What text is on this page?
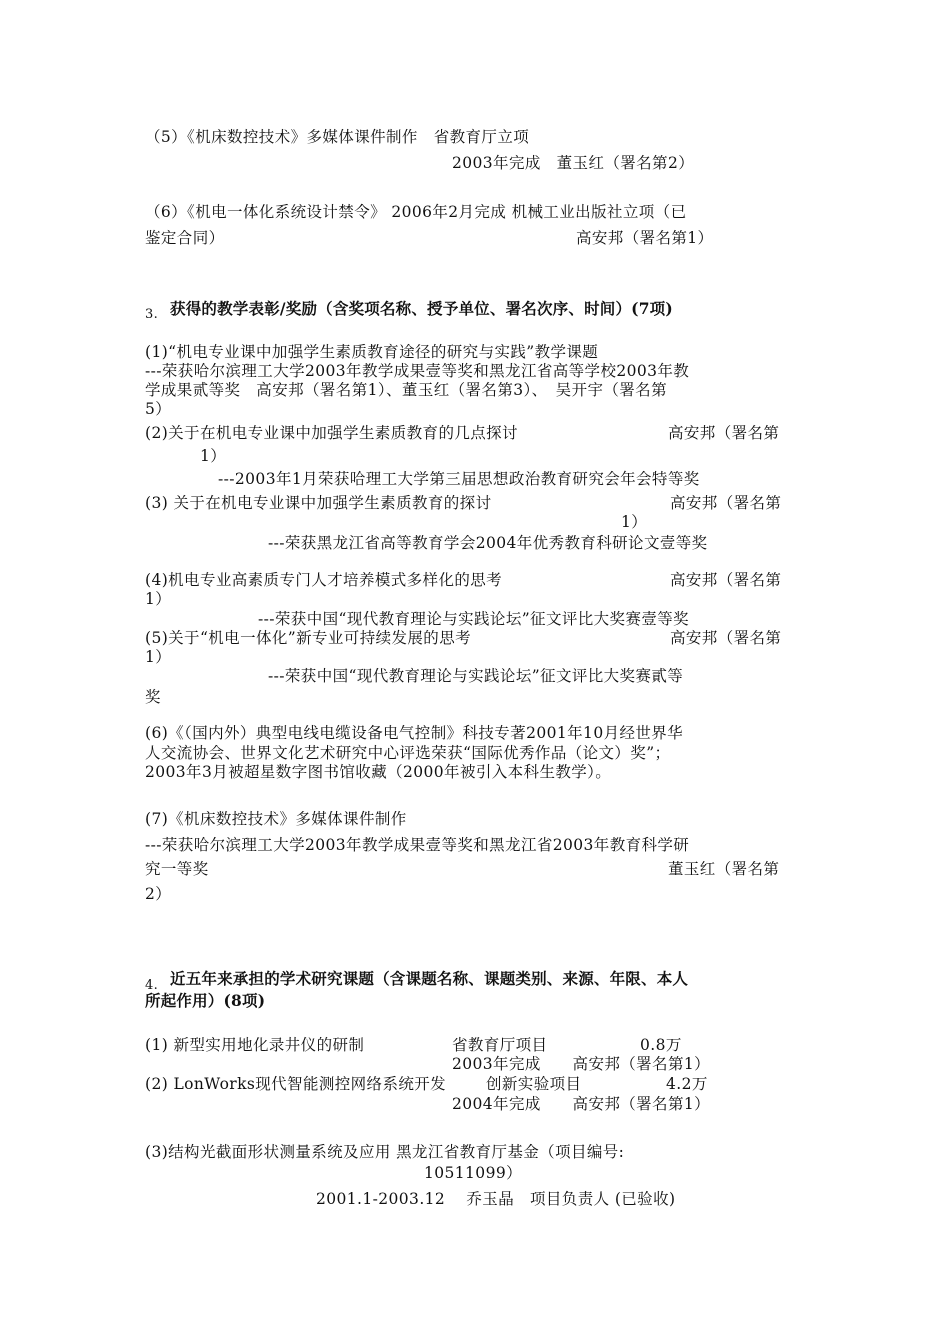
（5）《机床数控技术》多媒体课件制作　省教育厅立项
2003年完成　董玉红（署名第2）
（6）《机电一体化系统设计禁令》 2006年2月完成 机械工业出版社立项（已
鉴定合同）	高安邦（署名第1）
3. 获得的教学表彰/奖励（含奖项名称、授予单位、署名次序、时间）(7项)
(1)“机电专业课中加强学生素质教育途径的研究与实践”教学课题
---荣获哈尔滨理工大学2003年教学成果壹等奖和黑龙江省高等学校2003年教
学成果贰等奖　高安邦（署名第1）、董玉红（署名第3）、　吴开宇（署名第
5）
(2)关于在机电专业课中加强学生素质教育的几点探讨	高安邦（署名第
1）
---2003年1月荣获哈理工大学第三届思想政治教育研究会年会特等奖
(3) 关于在机电专业课中加强学生素质教育的探讨	高安邦（署名第
1）
---荣获黑龙江省高等教育学会2004年优秀教育科研论文壹等奖
(4)机电专业高素质专门人才培养模式多样化的思考	高安邦（署名第
1）
---荣获中国“现代教育理论与实践论坛”征文评比大奖赛壹等奖
(5)关于“机电一体化”新专业可持续发展的思考	高安邦（署名第
1）
---荣获中国“现代教育理论与实践论坛”征文评比大奖赛貳等
奖
(6)《（国内外）典型电线电缆设备电气控制》科技专著2001年10月经世界华
人交流协会、世界文化艺术研究中心评选荣获“国际优秀作品（论文）奖”；
2003年3月被超星数字图书馆收藏（2000年被引入本科生教学）。
(7)《机床数控技术》多媒体课件制作
---荣获哈尔滨理工大学2003年教学成果壹等奖和黑龙江省2003年教育科学研
究一等奖	董玉红（署名第
2）
4. 近五年来承担的学术研究课题（含课题名称、课题类别、来源、年限、本人
所起作用）(8项)
(1) 新型实用地化录井仪的研制	省教育厅项目	0.8万
2003年完成　　高安邦（署名第1）
(2) LonWorks现代智能测控网络系统开发	创新实验项目	4.2万
2004年完成　　高安邦（署名第1）
(3)结构光截面形状测量系统及应用 黑龙江省教育厅基金（项目编号:
10511099）
2001.1-2003.12　 乔玉晶　项目负责人 (已验收)
